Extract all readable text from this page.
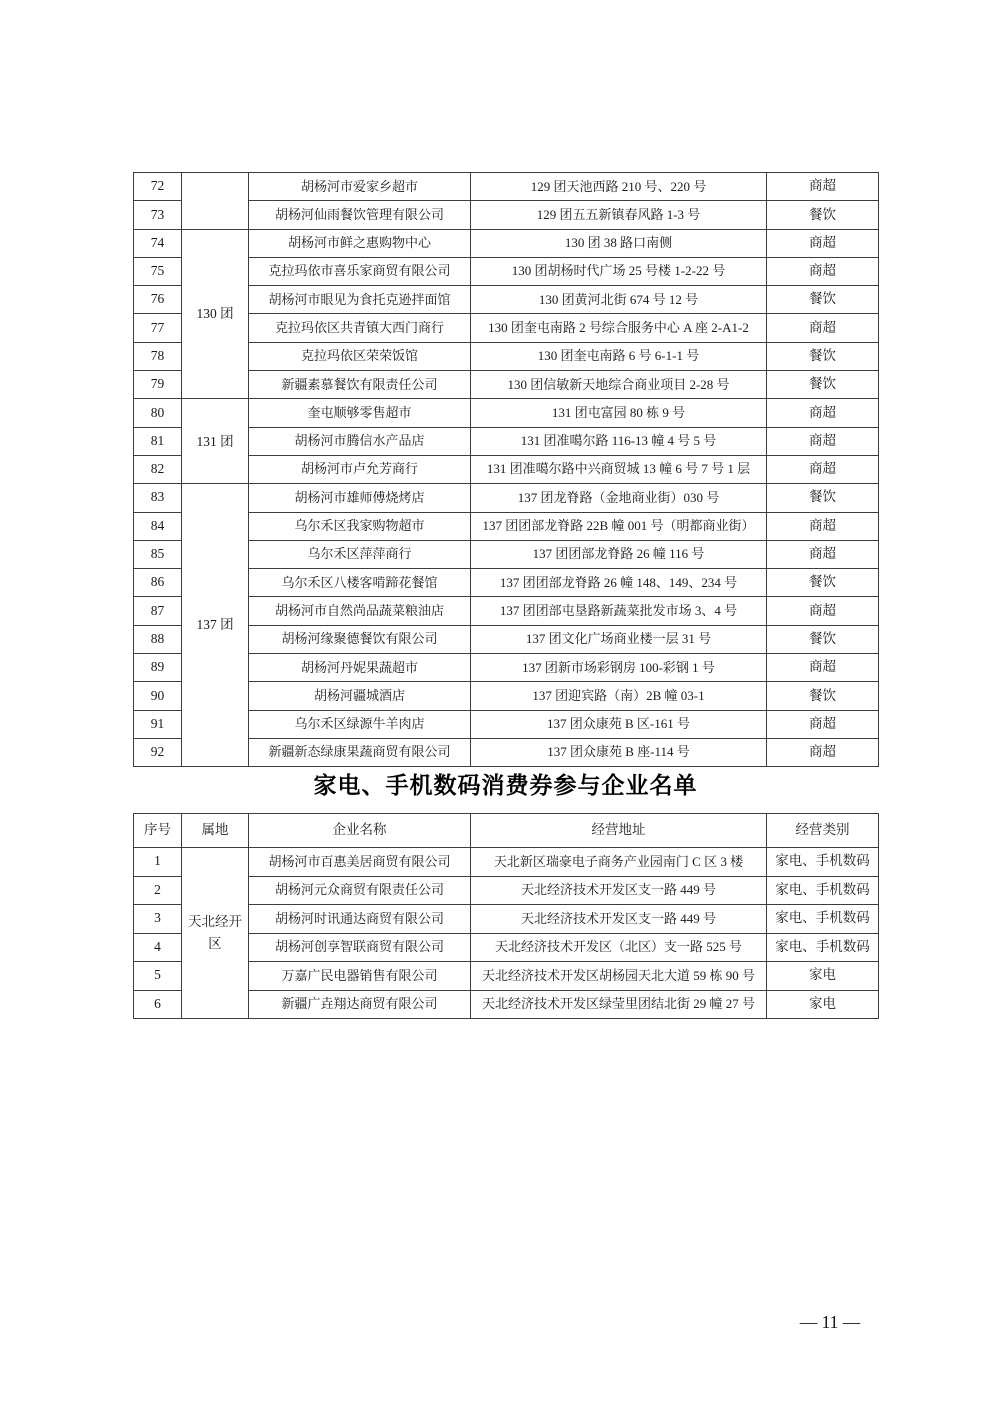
72		胡杨河市爱家乡超市	129 团天池西路 210 号、220 号	商超
73		胡杨河仙雨餐饮管理有限公司	129 团五五新镇春风路 1-3 号	餐饮
74	130 团	胡杨河市鲜之惠购物中心	130 团 38 路口南侧	商超
75		克拉玛依市喜乐家商贸有限公司	130 团胡杨时代广场 25 号楼 1-2-22 号	商超
76		胡杨河市眼见为食托克逊拌面馆	130 团黄河北街 674 号 12 号	餐饮
77		克拉玛依区共青镇大西门商行	130 团奎屯南路 2 号综合服务中心 A 座 2-A1-2	商超
78		克拉玛依区荣荣饭馆	130 团奎屯南路 6 号 6-1-1 号	餐饮
79		新疆素慕餐饮有限责任公司	130 团信敏新天地综合商业项目 2-28 号	餐饮
80	131 团	奎屯顺够零售超市	131 团屯富园 80 栋 9 号	商超
81		胡杨河市腾信水产品店	131 团准噶尔路 116-13 幢 4 号 5 号	商超
82		胡杨河市卢允芳商行	131 团准噶尔路中兴商贸城 13 幢 6 号 7 号 1 层	商超
83	137 团	胡杨河市雄师傅烧烤店	137 团龙脊路（金地商业街）030 号	餐饮
84		乌尔禾区我家购物超市	137 团团部龙脊路 22B 幢 001 号（明都商业街）	商超
85		乌尔禾区萍萍商行	137 团团部龙脊路 26 幢 116 号	商超
86		乌尔禾区八楼客啃蹄花餐馆	137 团团部龙脊路 26 幢 148、149、234 号	餐饮
87		胡杨河市自然尚品蔬菜粮油店	137 团团部屯垦路新蔬菜批发市场 3、4 号	商超
88		胡杨河缘聚德餐饮有限公司	137 团文化广场商业楼一层 31 号	餐饮
89		胡杨河丹妮果蔬超市	137 团新市场彩钢房 100-彩钢 1 号	商超
90		胡杨河疆城酒店	137 团迎宾路（南）2B 幢 03-1	餐饮
91		乌尔禾区绿源牛羊肉店	137 团众康苑 B 区-161 号	商超
92		新疆新态绿康果蔬商贸有限公司	137 团众康苑 B 座-114 号	商超
家电、手机数码消费券参与企业名单
序号	属地	企业名称	经营地址	经营类别
1	天北经开区	胡杨河市百惠美居商贸有限公司	天北新区瑞豪电子商务产业园南门 C 区 3 楼	家电、手机数码
2		胡杨河元众商贸有限责任公司	天北经济技术开发区支一路 449 号	家电、手机数码
3		胡杨河时讯通达商贸有限公司	天北经济技术开发区支一路 449 号	家电、手机数码
4		胡杨河创享智联商贸有限公司	天北经济技术开发区（北区）支一路 525 号	家电、手机数码
5		万嘉广民电器销售有限公司	天北经济技术开发区胡杨园天北大道 59 栋 90 号	家电
6		新疆广垚翔达商贸有限公司	天北经济技术开发区绿莹里团结北街 29 幢 27 号	家电
— 11 —
